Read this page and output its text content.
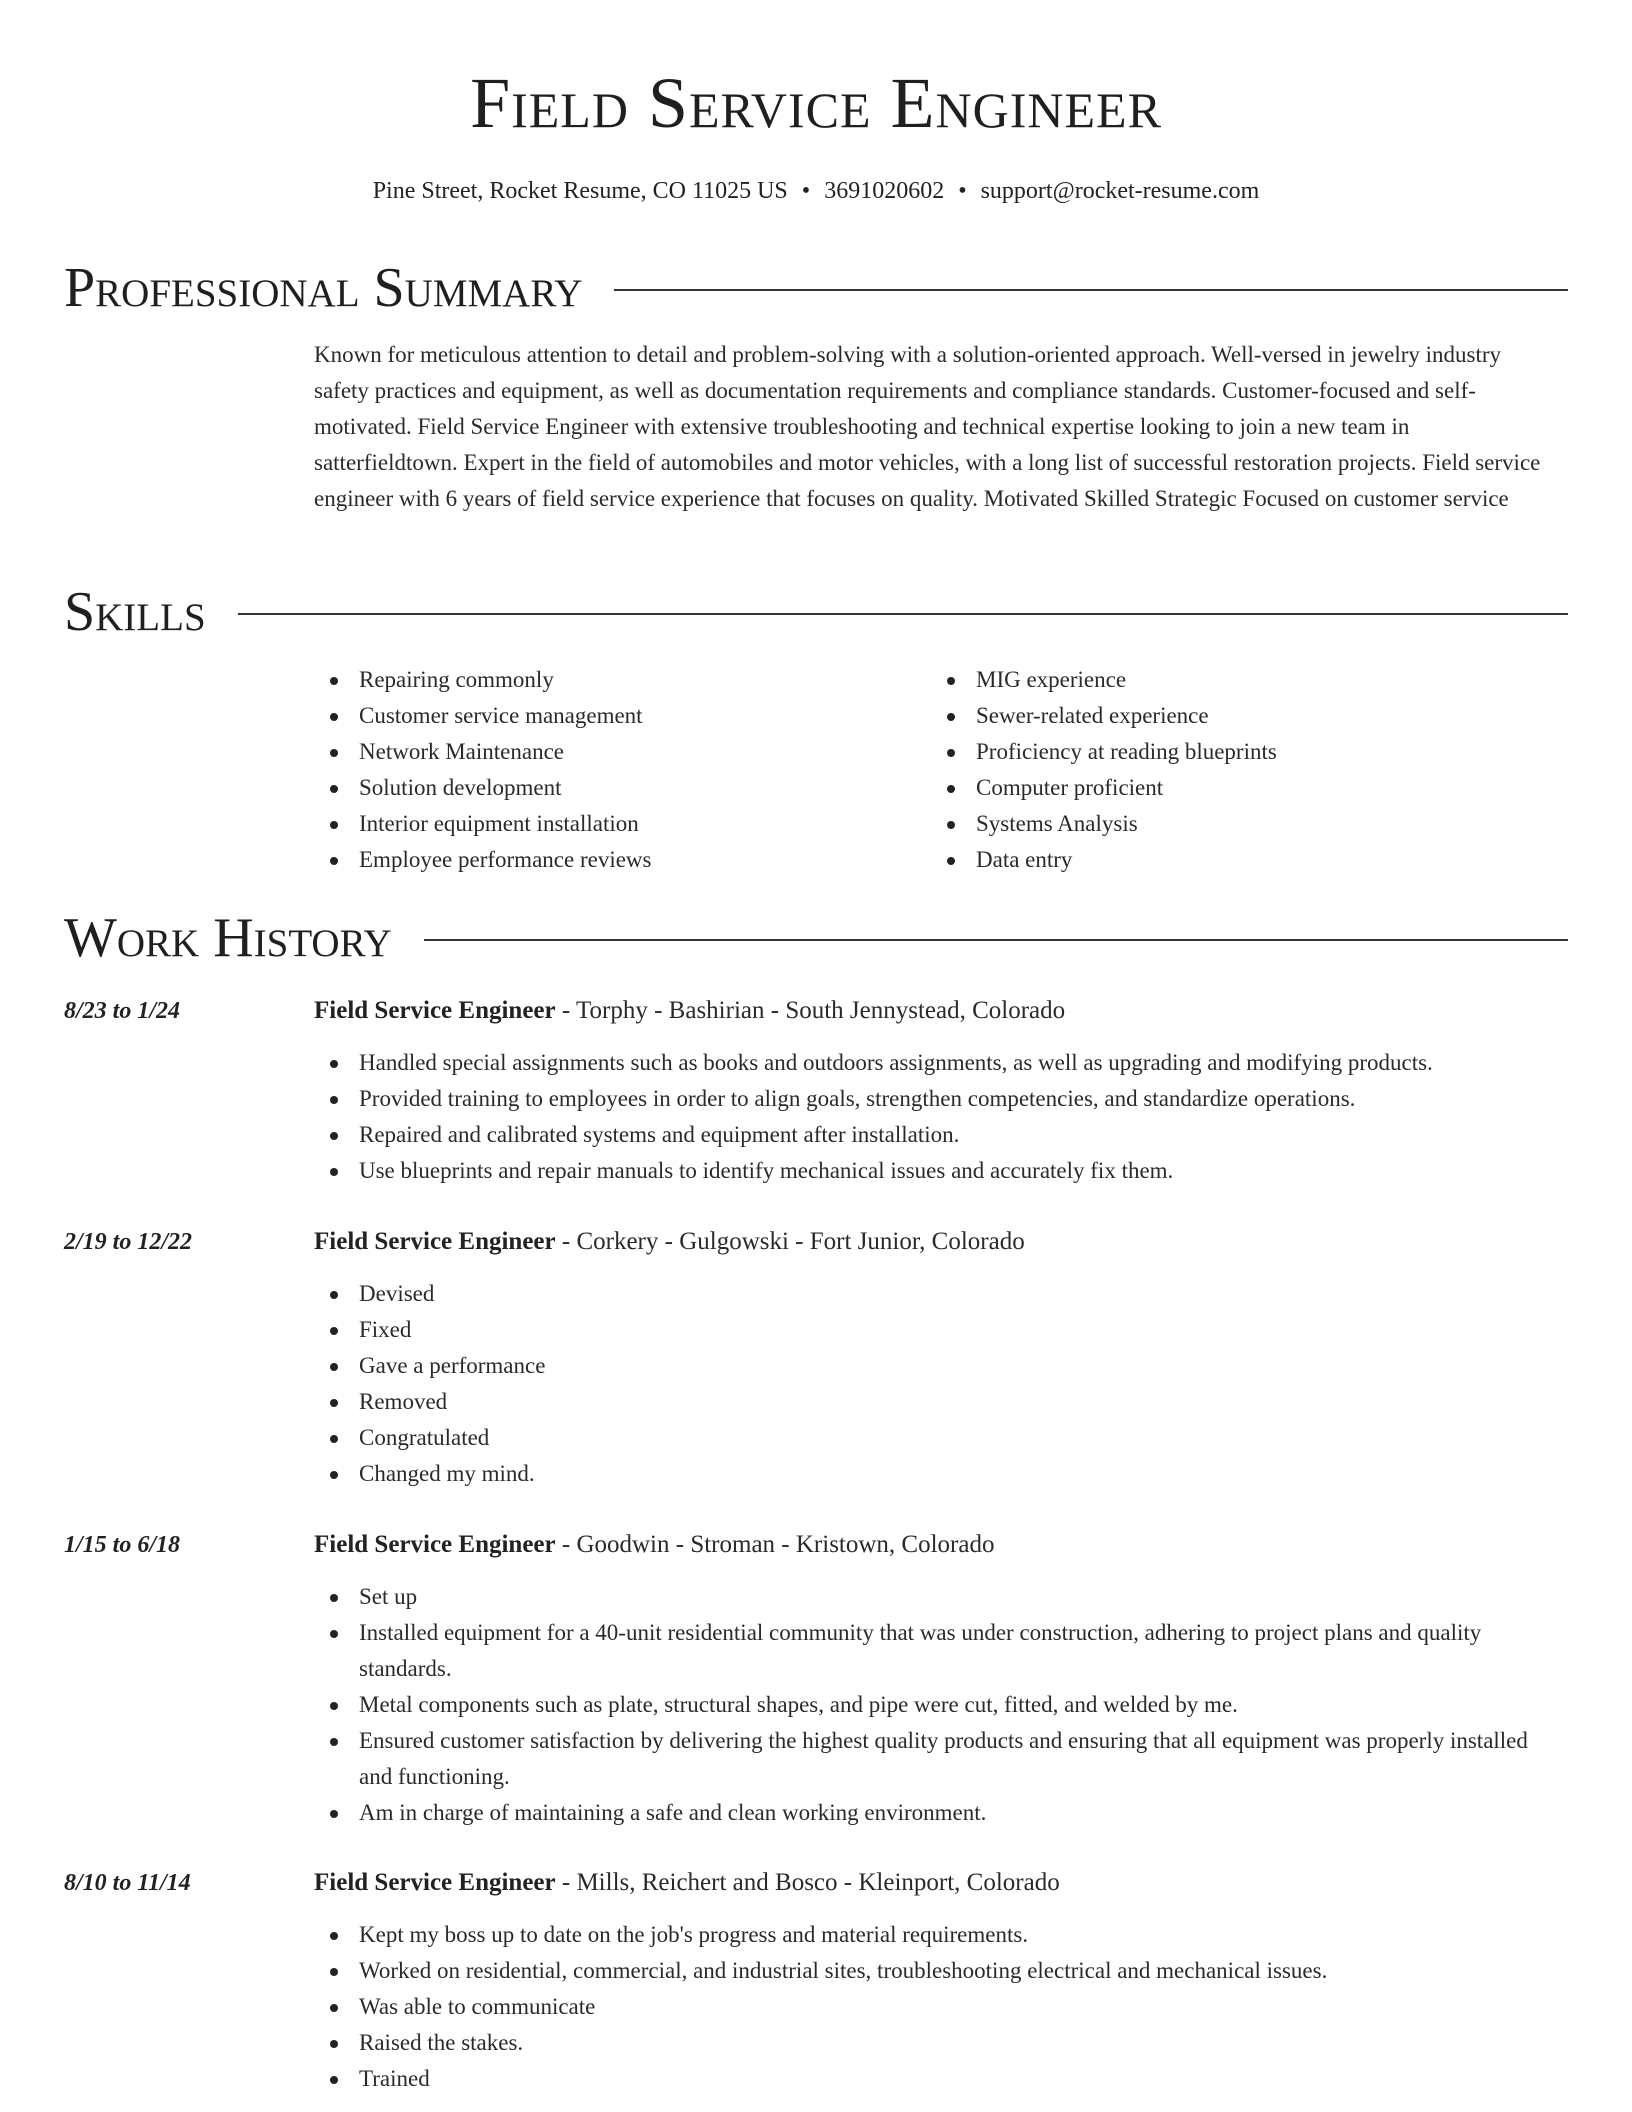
Field Service Engineer
Pine Street, Rocket Resume, CO 11025 US • 3691020602 • support@rocket-resume.com
Professional Summary

Known for meticulous attention to detail and problem-solving with a solution-oriented approach. Well-versed in jewelry industry safety practices and equipment, as well as documentation requirements and compliance standards. Customer-focused and self-motivated. Field Service Engineer with extensive troubleshooting and technical expertise looking to join a new team in satterfieldtown. Expert in the field of automobiles and motor vehicles, with a long list of successful restoration projects. Field service engineer with 6 years of field service experience that focuses on quality. Motivated Skilled Strategic Focused on customer service

Skills
Repairing commonly
Customer service management
Network Maintenance
Solution development
Interior equipment installation
Employee performance reviews
MIG experience
Sewer-related experience
Proficiency at reading blueprints
Computer proficient
Systems Analysis
Data entry
Work History
8/23 to 1/24	Field Service Engineer - Torphy - Bashirian - South Jennystead, Colorado
Handled special assignments such as books and outdoors assignments, as well as upgrading and modifying products.
Provided training to employees in order to align goals, strengthen competencies, and standardize operations.
Repaired and calibrated systems and equipment after installation.
Use blueprints and repair manuals to identify mechanical issues and accurately fix them.
2/19 to 12/22	Field Service Engineer - Corkery - Gulgowski - Fort Junior, Colorado
Devised
Fixed
Gave a performance
Removed
Congratulated
Changed my mind.
1/15 to 6/18	Field Service Engineer - Goodwin - Stroman - Kristown, Colorado
Set up
Installed equipment for a 40-unit residential community that was under construction, adhering to project plans and quality standards.
Metal components such as plate, structural shapes, and pipe were cut, fitted, and welded by me.
Ensured customer satisfaction by delivering the highest quality products and ensuring that all equipment was properly installed and functioning.
Am in charge of maintaining a safe and clean working environment.
8/10 to 11/14	Field Service Engineer - Mills, Reichert and Bosco - Kleinport, Colorado
Kept my boss up to date on the job's progress and material requirements.
Worked on residential, commercial, and industrial sites, troubleshooting electrical and mechanical issues.
Was able to communicate
Raised the stakes.
Trained
